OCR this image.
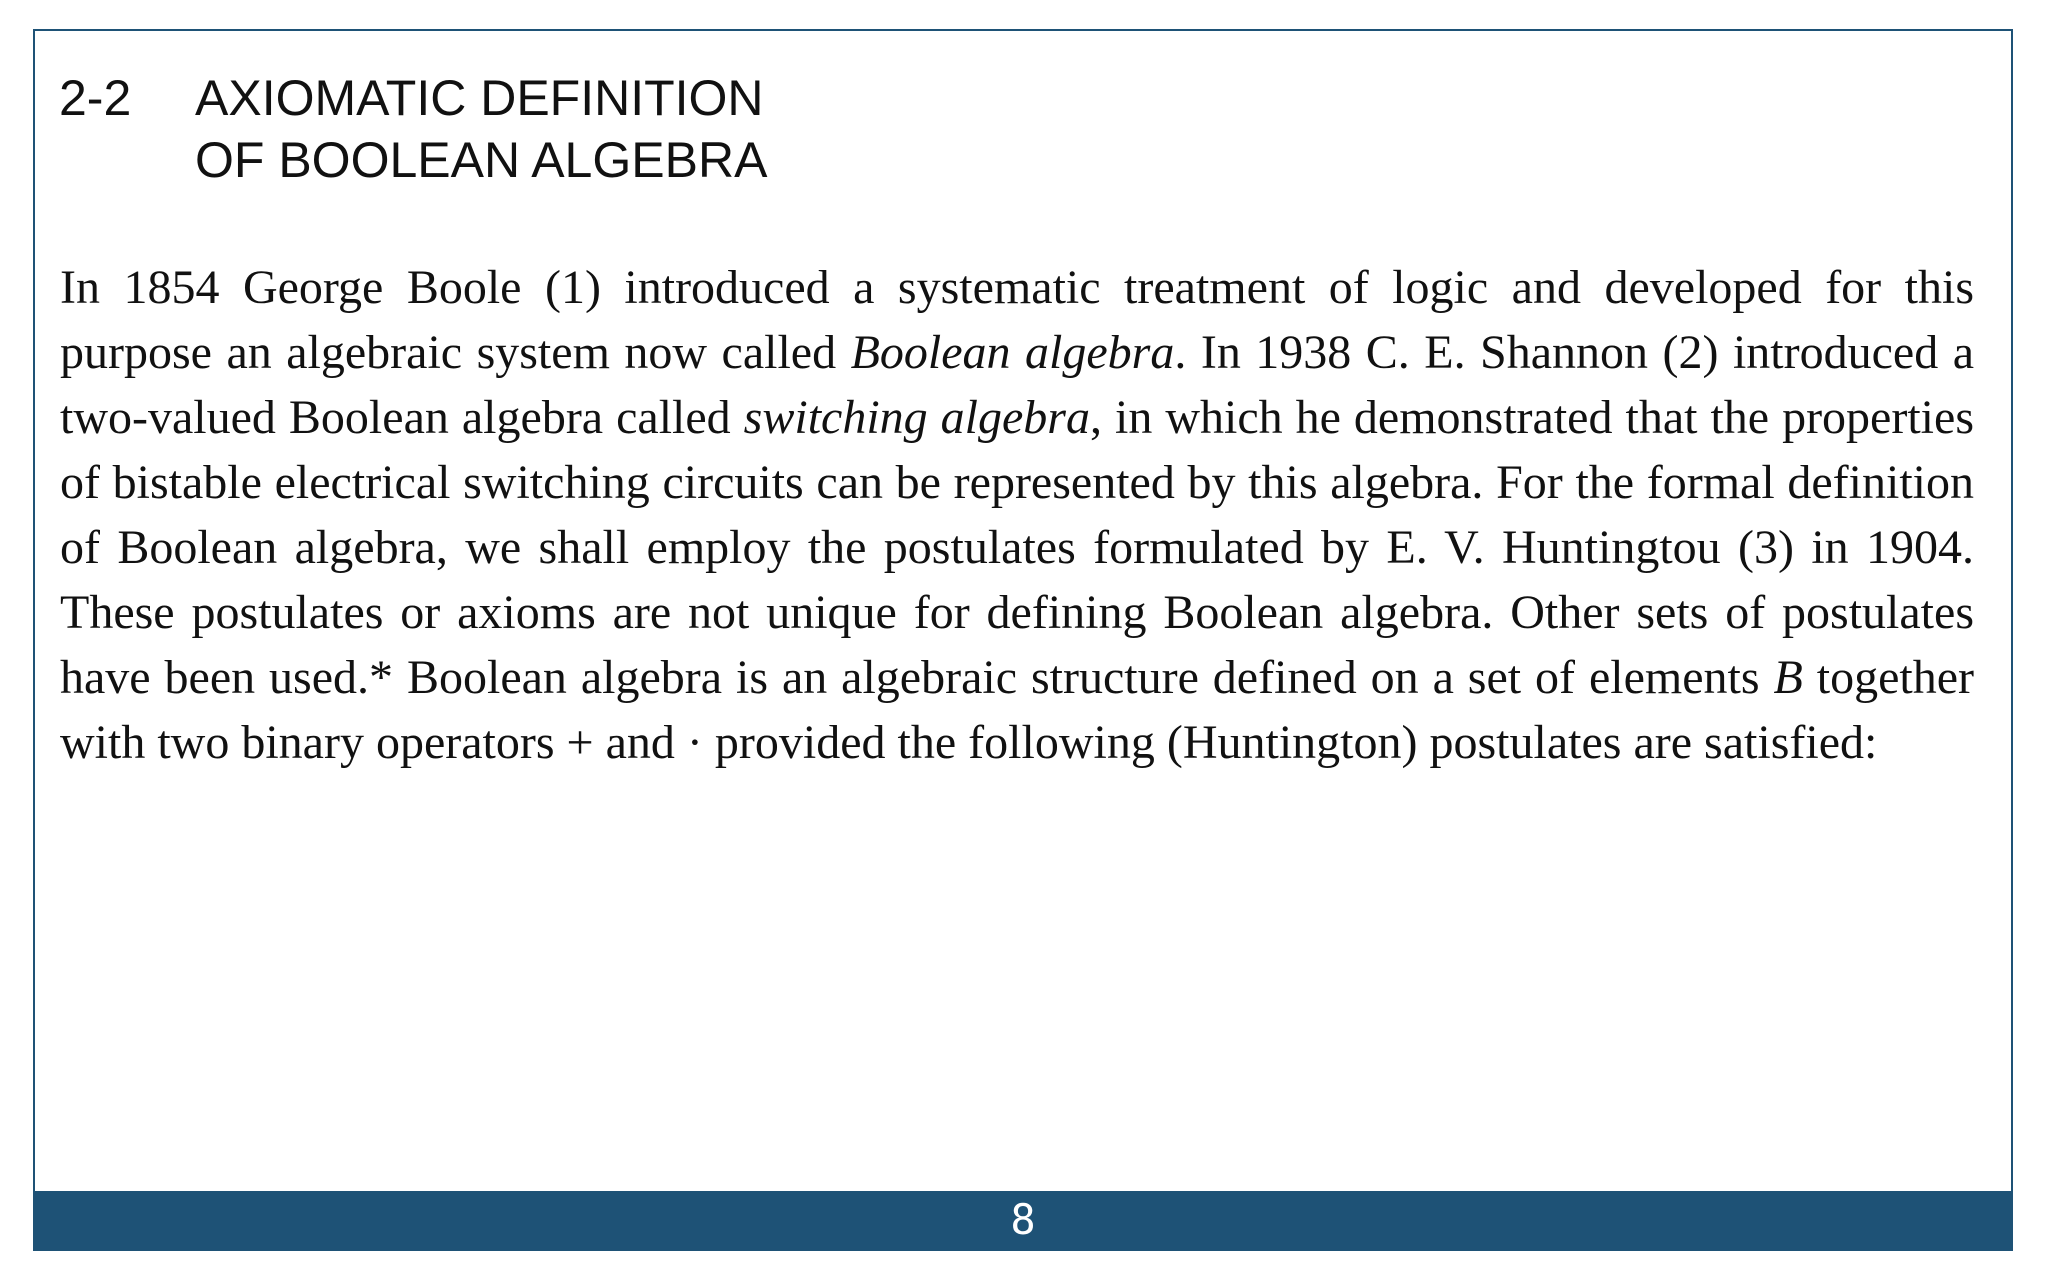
2-2	AXIOMATIC DEFINITION
OF BOOLEAN ALGEBRA

In 1854 George Boole (1) introduced a systematic treatment of logic and developed for this purpose an algebraic system now called Boolean algebra. In 1938 C. E. Shannon (2) introduced a two-valued Boolean algebra called switching algebra, in which he demonstrated that the properties of bistable electrical switching circuits can be represented by this algebra. For the formal definition of Boolean algebra, we shall employ the postulates formulated by E. V. Huntingtou (3) in 1904. These postulates or axioms are not unique for defining Boolean algebra. Other sets of postulates have been used.* Boolean algebra is an algebraic structure defined on a set of elements B together with two binary operators + and · provided the following (Huntington) postulates are satisfied:

8
